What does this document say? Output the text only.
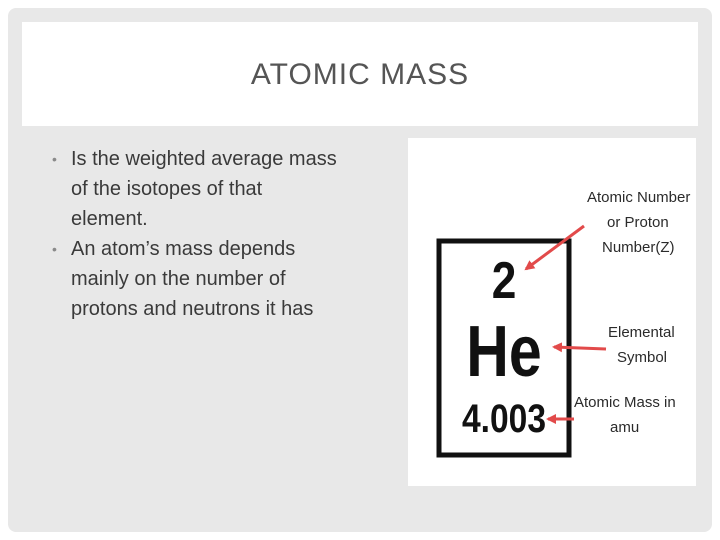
ATOMIC MASS
• Is the weighted average mass
of the isotopes of that
element.
• An atom’s mass depends
mainly on the number of
protons and neutrons it has	2
He
4.003
Atomic Number
or Proton
Number(Z)
Elemental
Symbol
Atomic Mass in
amu
